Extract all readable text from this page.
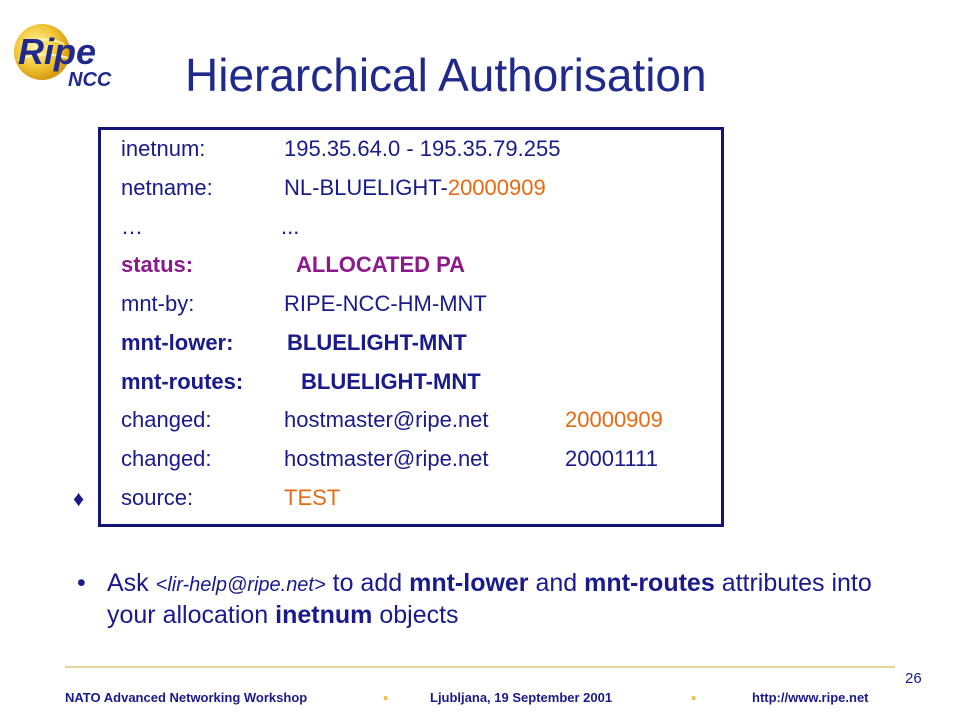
Ripe
NCC Hierarchical Authorisation
inetnum:	195.35.64.0 - 195.35.79.255
netname:	NL-BLUELIGHT-20000909
…	...
status:	ALLOCATED PA
mnt-by:	RIPE-NCC-HM-MNT
mnt-lower: BLUELIGHT-MNT
mnt-routes:	BLUELIGHT-MNT
changed:	hostmaster@ripe.net	20000909
changed:	hostmaster@ripe.net	20001111
source:	TEST
♦
• Ask <lir-help@ripe.net> to add mnt-lower and mnt-routes attributes into your allocation inetnum objects
NATO Advanced Networking Workshop	.	Ljubljana, 19 September 2001	.	http://www.ripe.net
26
